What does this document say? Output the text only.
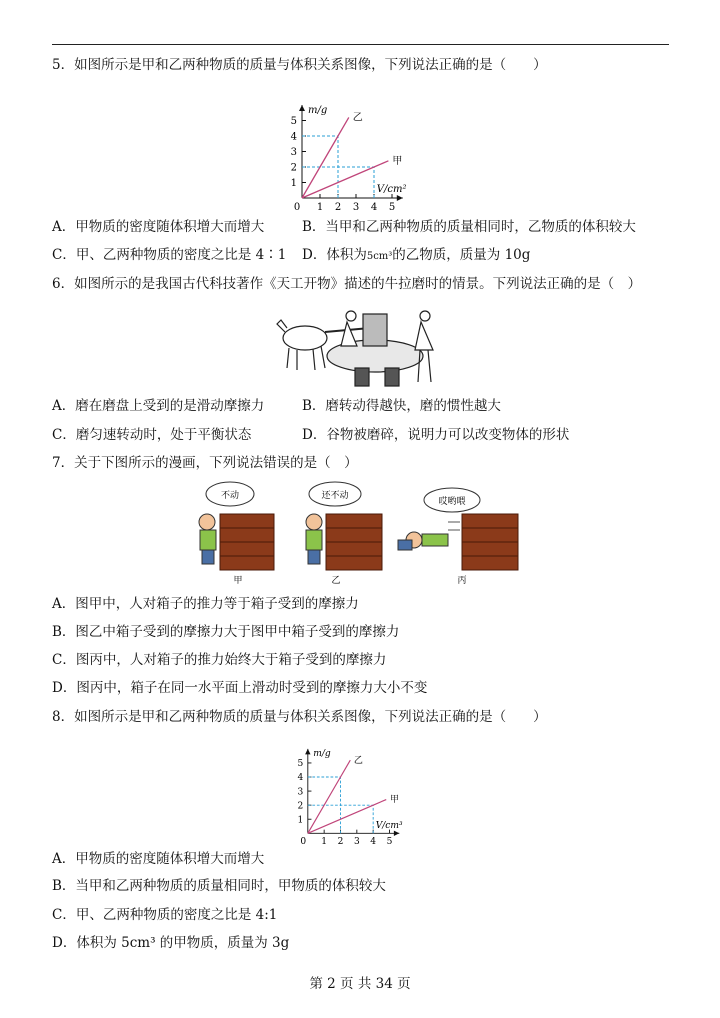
5．如图所示是甲和乙两种物质的质量与体积关系图像，下列说法正确的是（　　）
1
2
3
4
5
0 1 2 3 4 5
乙
甲
m/g
V/cm²
A．甲物质的密度随体积增大而增大	B．当甲和乙两种物质的质量相同时，乙物质的体积较大
C．甲、乙两种物质的密度之比是 4∶1 D．体积为5cm³的乙物质，质量为 10g
6．如图所示的是我国古代科技著作《天工开物》描述的牛拉磨时的情景。下列说法正确的是（　）
A．磨在磨盘上受到的是滑动摩擦力	B．磨转动得越快，磨的惯性越大
C．磨匀速转动时，处于平衡状态	D．谷物被磨碎，说明力可以改变物体的形状
7．关于下图所示的漫画，下列说法错误的是（　）
不动
甲
还不动
乙
哎哟喂
丙
A．图甲中，人对箱子的推力等于箱子受到的摩擦力
B．图乙中箱子受到的摩擦力大于图甲中箱子受到的摩擦力
C．图丙中，人对箱子的推力始终大于箱子受到的摩擦力
D．图丙中，箱子在同一水平面上滑动时受到的摩擦力大小不变
8．如图所示是甲和乙两种物质的质量与体积关系图像，下列说法正确的是（　　）
1
2
3
4
5
0 1 2 3 4 5
乙
甲
m/g
V/cm³
A．甲物质的密度随体积增大而增大
B．当甲和乙两种物质的质量相同时，甲物质的体积较大
C．甲、乙两种物质的密度之比是 4:1
D．体积为 5cm³ 的甲物质，质量为 3g
第 2 页 共 34 页
